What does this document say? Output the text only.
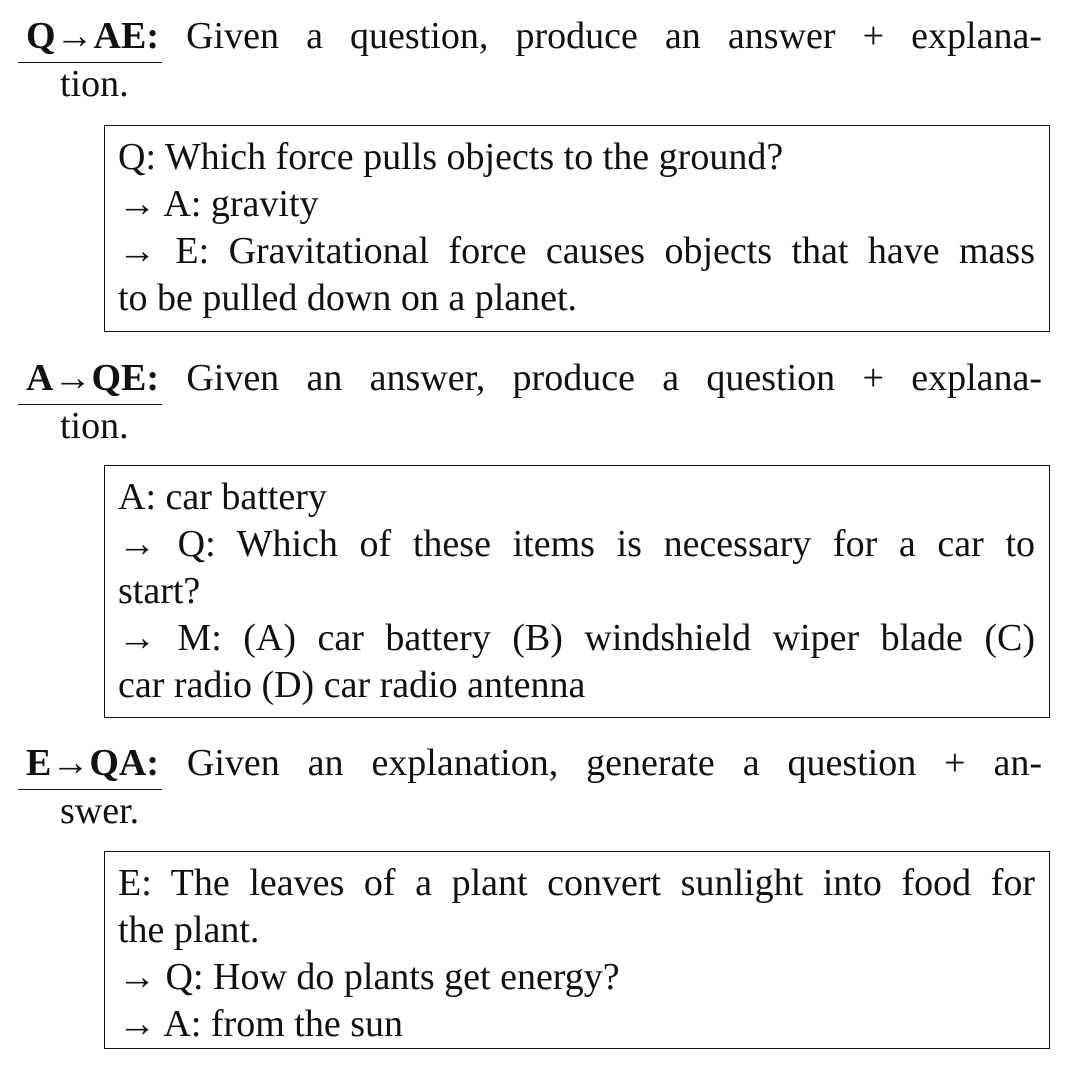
Q→AE: Given a question, produce an answer + explana-
tion.
Q: Which force pulls objects to the ground?
→ A: gravity
→ E: Gravitational force causes objects that have mass
to be pulled down on a planet.
A→QE: Given an answer, produce a question + explana-
tion.
A: car battery
→ Q: Which of these items is necessary for a car to
start?
→ M: (A) car battery (B) windshield wiper blade (C)
car radio (D) car radio antenna
E→QA: Given an explanation, generate a question + an-
swer.
E: The leaves of a plant convert sunlight into food for
the plant.
→ Q: How do plants get energy?
→ A: from the sun
